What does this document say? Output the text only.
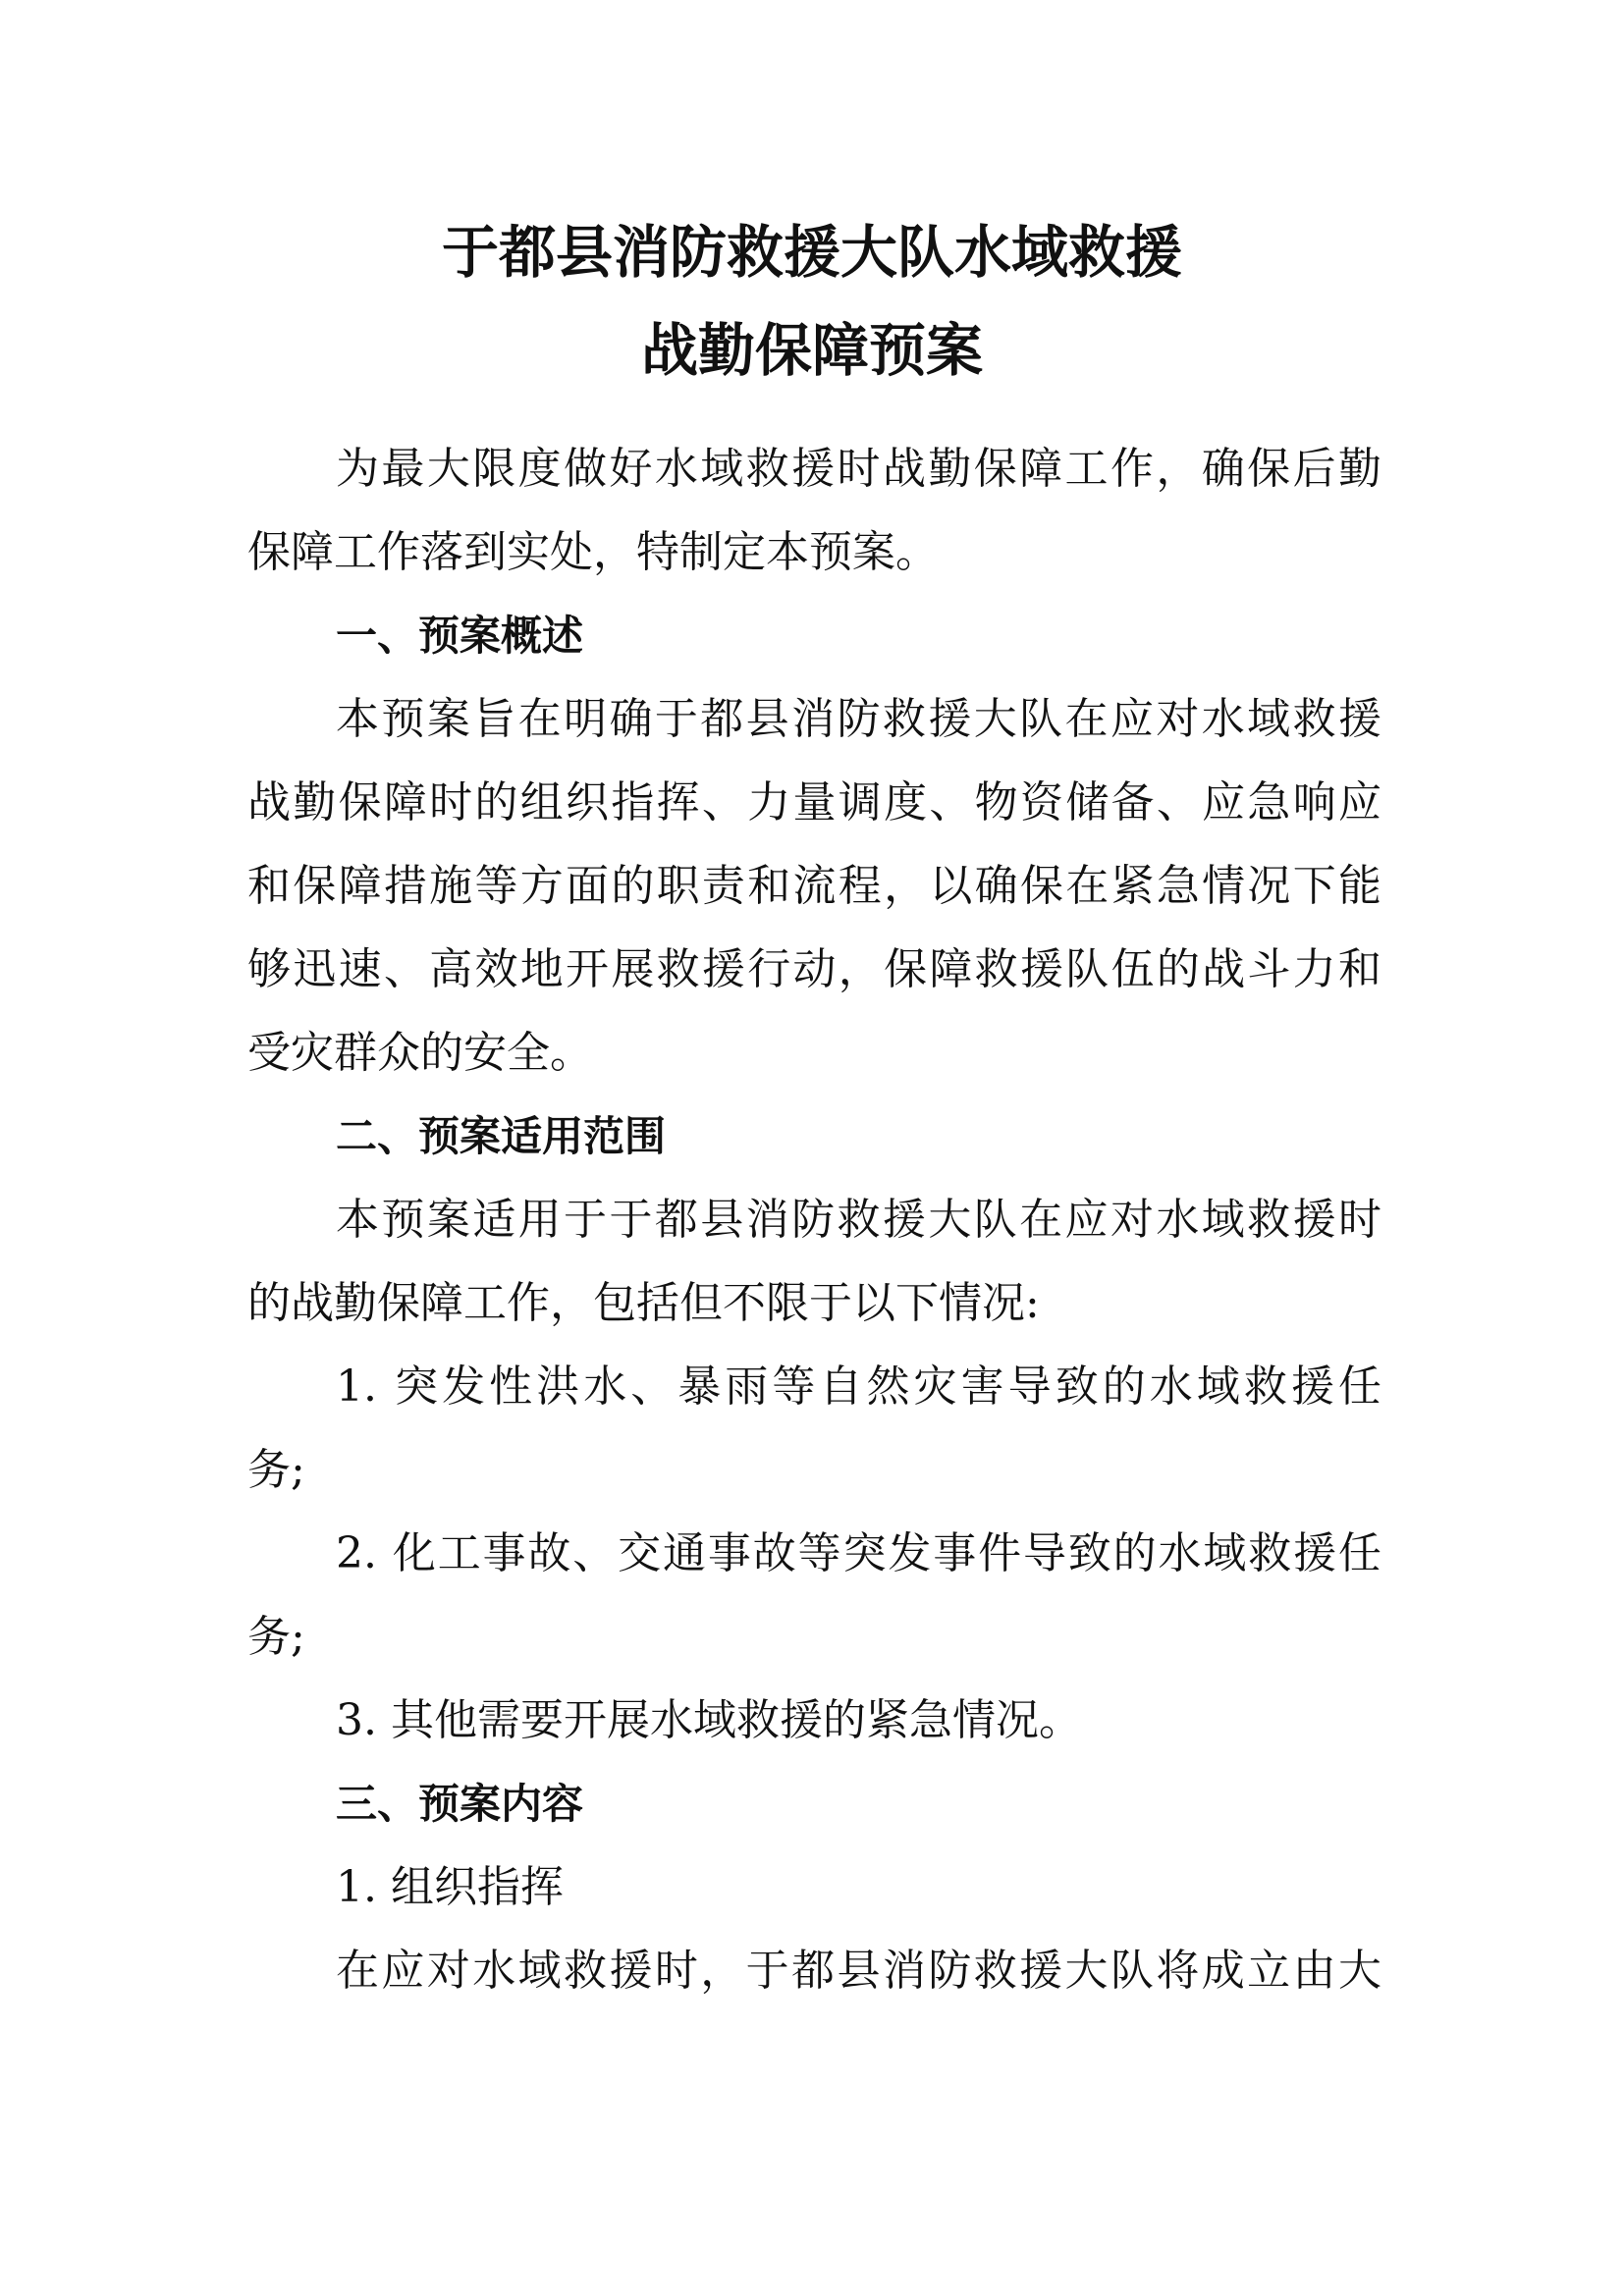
于都县消防救援大队水域救援
战勤保障预案
为最大限度做好水域救援时战勤保障工作，确保后勤
保障工作落到实处，特制定本预案。
一、预案概述
本预案旨在明确于都县消防救援大队在应对水域救援
战勤保障时的组织指挥、力量调度、物资储备、应急响应
和保障措施等方面的职责和流程，以确保在紧急情况下能
够迅速、高效地开展救援行动，保障救援队伍的战斗力和
受灾群众的安全。
二、预案适用范围
本预案适用于于都县消防救援大队在应对水域救援时
的战勤保障工作，包括但不限于以下情况:
1. 突发性洪水、暴雨等自然灾害导致的水域救援任
务;
2. 化工事故、交通事故等突发事件导致的水域救援任
务;
3. 其他需要开展水域救援的紧急情况。
三、预案内容
1. 组织指挥
在应对水域救援时，于都县消防救援大队将成立由大
